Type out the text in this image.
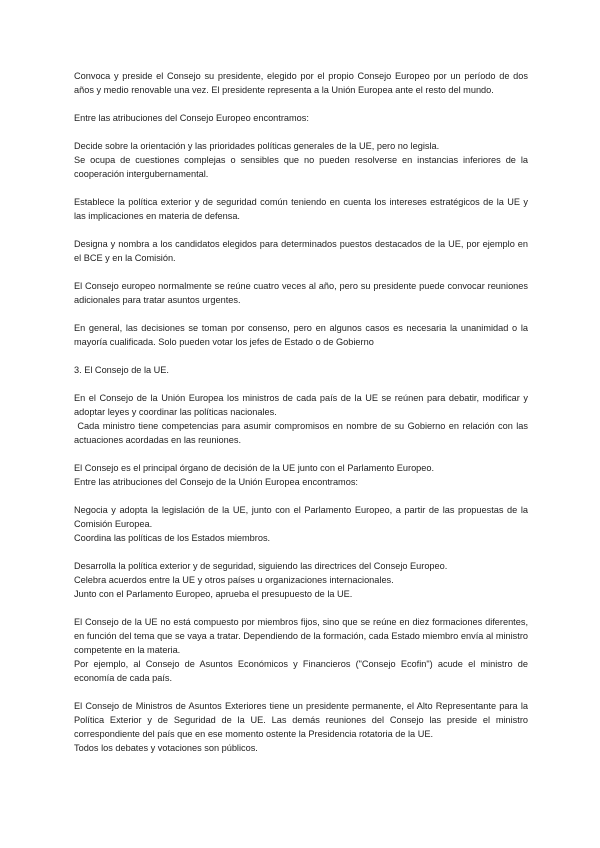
Convoca y preside el Consejo su presidente, elegido por el propio Consejo Europeo por un período de dos años y medio renovable una vez. El presidente representa a la Unión Europea ante el resto del mundo.
Entre las atribuciones del Consejo Europeo encontramos:
Decide sobre la orientación y las prioridades políticas generales de la UE, pero no legisla.
Se ocupa de cuestiones complejas o sensibles que no pueden resolverse en instancias inferiores de la cooperación intergubernamental.
Establece la política exterior y de seguridad común teniendo en cuenta los intereses estratégicos de la UE y las implicaciones en materia de defensa.
Designa y nombra a los candidatos elegidos para determinados puestos destacados de la UE, por ejemplo en el BCE y en la Comisión.
El Consejo europeo normalmente se reúne cuatro veces al año, pero su presidente puede convocar reuniones adicionales para tratar asuntos urgentes.
En general, las decisiones se toman por consenso, pero en algunos casos es necesaria la unanimidad o la mayoría cualificada. Solo pueden votar los jefes de Estado o de Gobierno
3. El Consejo de la UE.
En el Consejo de la Unión Europea los ministros de cada país de la UE se reúnen para debatir, modificar y adoptar leyes y coordinar las políticas nacionales.
Cada ministro tiene competencias para asumir compromisos en nombre de su Gobierno en relación con las actuaciones acordadas en las reuniones.
El Consejo es el principal órgano de decisión de la UE junto con el Parlamento Europeo.
Entre las atribuciones del Consejo de la Unión Europea encontramos:
Negocia y adopta la legislación de la UE, junto con el Parlamento Europeo, a partir de las propuestas de la Comisión Europea.
Coordina las políticas de los Estados miembros.
Desarrolla la política exterior y de seguridad, siguiendo las directrices del Consejo Europeo.
Celebra acuerdos entre la UE y otros países u organizaciones internacionales.
Junto con el Parlamento Europeo, aprueba el presupuesto de la UE.
El Consejo de la UE no está compuesto por miembros fijos, sino que se reúne en diez formaciones diferentes, en función del tema que se vaya a tratar. Dependiendo de la formación, cada Estado miembro envía al ministro competente en la materia.
Por ejemplo, al Consejo de Asuntos Económicos y Financieros ("Consejo Ecofin") acude el ministro de economía de cada país.
El Consejo de Ministros de Asuntos Exteriores tiene un presidente permanente, el Alto Representante para la Política Exterior y de Seguridad de la UE. Las demás reuniones del Consejo las preside el ministro correspondiente del país que en ese momento ostente la Presidencia rotatoria de la UE.
Todos los debates y votaciones son públicos.
